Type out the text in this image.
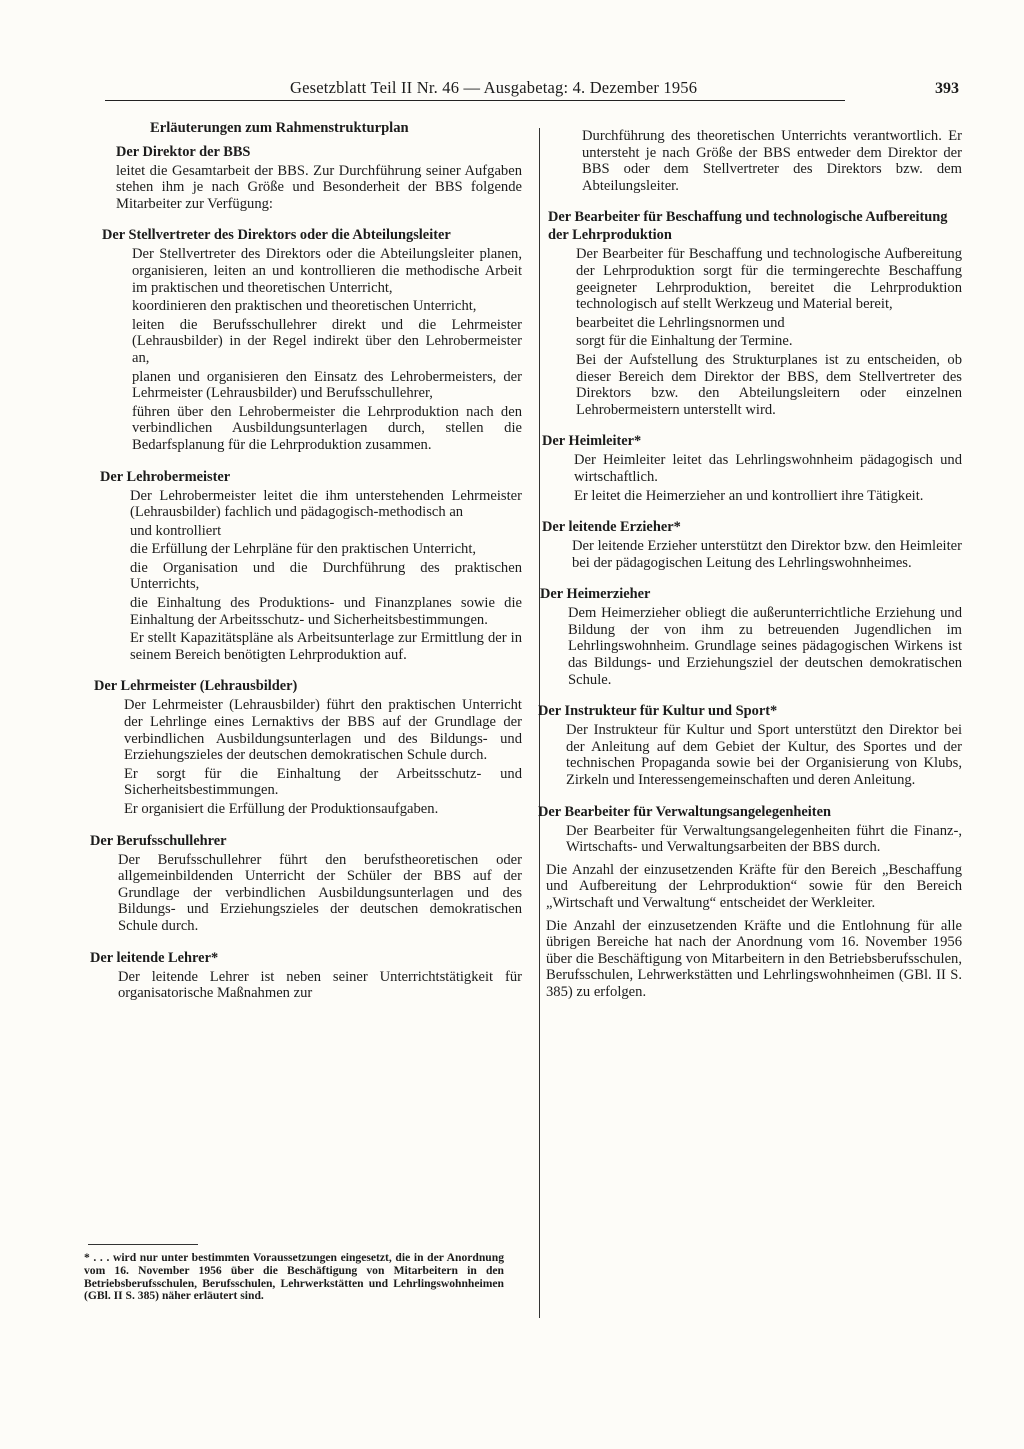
Gesetzblatt Teil II Nr. 46 — Ausgabetag: 4. Dezember 1956	393
Erläuterungen zum Rahmenstrukturplan
Der Direktor der BBS
leitet die Gesamtarbeit der BBS. Zur Durchführung seiner Aufgaben stehen ihm je nach Größe und Besonderheit der BBS folgende Mitarbeiter zur Verfügung:
Der Stellvertreter des Direktors oder die Abteilungsleiter
Der Stellvertreter des Direktors oder die Abteilungsleiter planen, organisieren, leiten an und kontrollieren die methodische Arbeit im praktischen und theoretischen Unterricht,
koordinieren den praktischen und theoretischen Unterricht,
leiten die Berufsschullehrer direkt und die Lehrmeister (Lehrausbilder) in der Regel indirekt über den Lehrobermeister an,
planen und organisieren den Einsatz des Lehrobermeisters, der Lehrmeister (Lehrausbilder) und Berufsschullehrer,
führen über den Lehrobermeister die Lehrproduktion nach den verbindlichen Ausbildungsunterlagen durch, stellen die Bedarfsplanung für die Lehrproduktion zusammen.
Der Lehrobermeister
Der Lehrobermeister leitet die ihm unterstehenden Lehrmeister (Lehrausbilder) fachlich und pädagogisch-methodisch an
und kontrolliert
die Erfüllung der Lehrpläne für den praktischen Unterricht,
die Organisation und die Durchführung des praktischen Unterrichts,
die Einhaltung des Produktions- und Finanzplanes sowie die Einhaltung der Arbeitsschutz- und Sicherheitsbestimmungen.
Er stellt Kapazitätspläne als Arbeitsunterlage zur Ermittlung der in seinem Bereich benötigten Lehrproduktion auf.
Der Lehrmeister (Lehrausbilder)
Der Lehrmeister (Lehrausbilder) führt den praktischen Unterricht der Lehrlinge eines Lernaktivs der BBS auf der Grundlage der verbindlichen Ausbildungsunterlagen und des Bildungs- und Erziehungszieles der deutschen demokratischen Schule durch.
Er sorgt für die Einhaltung der Arbeitsschutz- und Sicherheitsbestimmungen.
Er organisiert die Erfüllung der Produktionsaufgaben.
Der Berufsschullehrer
Der Berufsschullehrer führt den berufstheoretischen oder allgemeinbildenden Unterricht der Schüler der BBS auf der Grundlage der verbindlichen Ausbildungsunterlagen und des Bildungs- und Erziehungszieles der deutschen demokratischen Schule durch.
Der leitende Lehrer*
Der leitende Lehrer ist neben seiner Unterrichtstätigkeit für organisatorische Maßnahmen zur
* . . . wird nur unter bestimmten Voraussetzungen eingesetzt, die in der Anordnung vom 16. November 1956 über die Beschäftigung von Mitarbeitern in den Betriebsberufsschulen, Berufsschulen, Lehrwerkstätten und Lehrlingswohnheimen (GBl. II S. 385) näher erläutert sind.
Durchführung des theoretischen Unterrichts verantwortlich. Er untersteht je nach Größe der BBS entweder dem Direktor der BBS oder dem Stellvertreter des Direktors bzw. dem Abteilungsleiter.
Der Bearbeiter für Beschaffung und technologische Aufbereitung der Lehrproduktion
Der Bearbeiter für Beschaffung und technologische Aufbereitung der Lehrproduktion sorgt für die termingerechte Beschaffung geeigneter Lehrproduktion, bereitet die Lehrproduktion technologisch auf stellt Werkzeug und Material bereit,
bearbeitet die Lehrlingsnormen und
sorgt für die Einhaltung der Termine.
Bei der Aufstellung des Strukturplanes ist zu entscheiden, ob dieser Bereich dem Direktor der BBS, dem Stellvertreter des Direktors bzw. den Abteilungsleitern oder einzelnen Lehrobermeistern unterstellt wird.
Der Heimleiter*
Der Heimleiter leitet das Lehrlingswohnheim pädagogisch und wirtschaftlich.
Er leitet die Heimerzieher an und kontrolliert ihre Tätigkeit.
Der leitende Erzieher*
Der leitende Erzieher unterstützt den Direktor bzw. den Heimleiter bei der pädagogischen Leitung des Lehrlingswohnheimes.
Der Heimerzieher
Dem Heimerzieher obliegt die außerunterrichtliche Erziehung und Bildung der von ihm zu betreuenden Jugendlichen im Lehrlingswohnheim. Grundlage seines pädagogischen Wirkens ist das Bildungs- und Erziehungsziel der deutschen demokratischen Schule.
Der Instrukteur für Kultur und Sport*
Der Instrukteur für Kultur und Sport unterstützt den Direktor bei der Anleitung auf dem Gebiet der Kultur, des Sportes und der technischen Propaganda sowie bei der Organisierung von Klubs, Zirkeln und Interessengemeinschaften und deren Anleitung.
Der Bearbeiter für Verwaltungsangelegenheiten
Der Bearbeiter für Verwaltungsangelegenheiten führt die Finanz-, Wirtschafts- und Verwaltungsarbeiten der BBS durch.
Die Anzahl der einzusetzenden Kräfte für den Bereich „Beschaffung und Aufbereitung der Lehrproduktion“ sowie für den Bereich „Wirtschaft und Verwaltung“ entscheidet der Werkleiter.
Die Anzahl der einzusetzenden Kräfte und die Entlohnung für alle übrigen Bereiche hat nach der Anordnung vom 16. November 1956 über die Beschäftigung von Mitarbeitern in den Betriebsberufsschulen, Berufsschulen, Lehrwerkstätten und Lehrlingswohnheimen (GBl. II S. 385) zu erfolgen.
